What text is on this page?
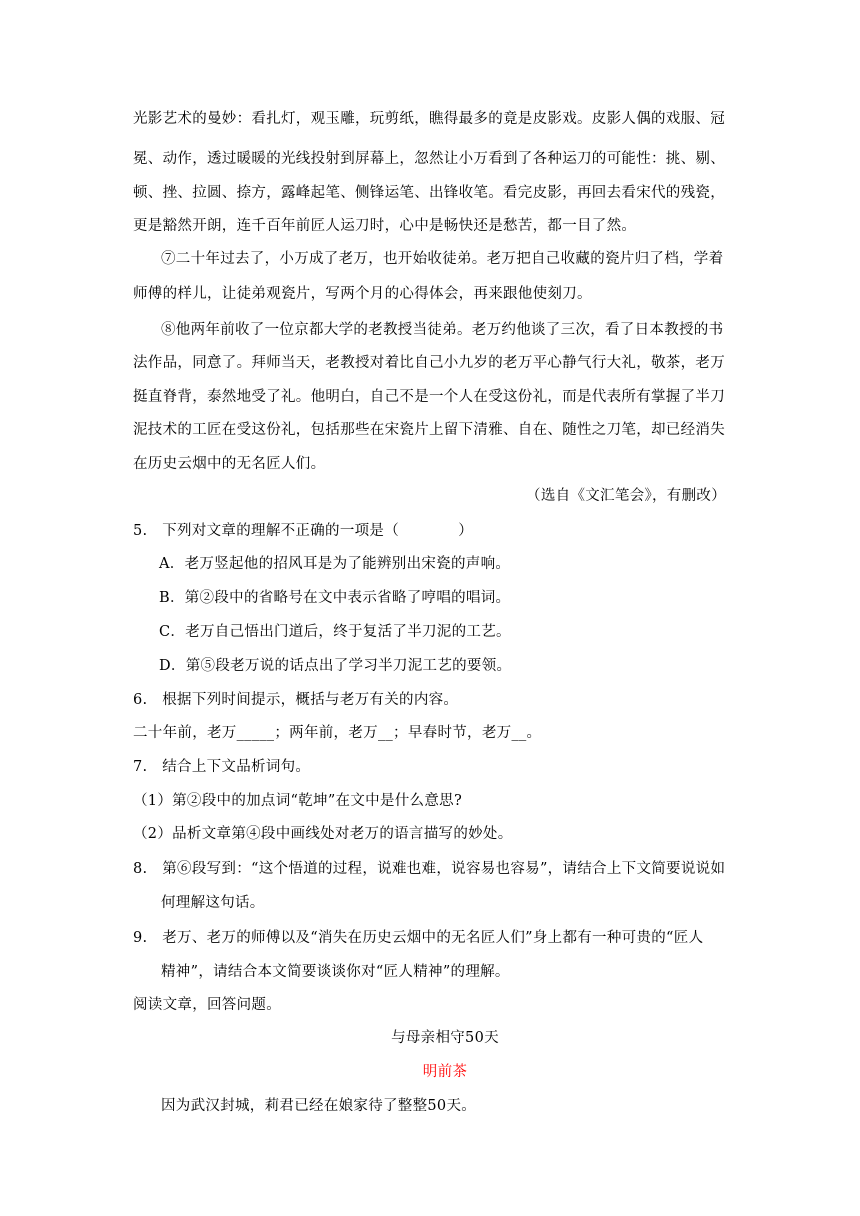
光影艺术的曼妙：看扎灯，观玉雕，玩剪纸，瞧得最多的竟是皮影戏。皮影人偶的戏服、冠
冕、动作，透过暖暖的光线投射到屏幕上，忽然让小万看到了各种运刀的可能性：挑、剔、
顿、挫、拉圆、捺方，露峰起笔、侧锋运笔、出锋收笔。看完皮影，再回去看宋代的残瓷，
更是豁然开朗，连千百年前匠人运刀时，心中是畅快还是愁苦，都一目了然。
⑦二十年过去了，小万成了老万，也开始收徒弟。老万把自己收藏的瓷片归了档，学着
师傅的样儿，让徒弟观瓷片，写两个月的心得体会，再来跟他使刻刀。
⑧他两年前收了一位京都大学的老教授当徒弟。老万约他谈了三次，看了日本教授的书
法作品，同意了。拜师当天，老教授对着比自己小九岁的老万平心静气行大礼，敬茶，老万
挺直脊背，泰然地受了礼。他明白，自己不是一个人在受这份礼，而是代表所有掌握了半刀
泥技术的工匠在受这份礼，包括那些在宋瓷片上留下清雅、自在、随性之刀笔，却已经消失
在历史云烟中的无名匠人们。
（选自《文汇笔会》，有删改）
5.　下列对文章的理解不正确的一项是（　　　　）
A．老万竖起他的招风耳是为了能辨别出宋瓷的声响。
B．第②段中的省略号在文中表示省略了哼唱的唱词。
C．老万自己悟出门道后，终于复活了半刀泥的工艺。
D．第⑤段老万说的话点出了学习半刀泥工艺的要领。
6.　根据下列时间提示，概括与老万有关的内容。
二十年前，老万_____；两年前，老万__；早春时节，老万__。
7.　结合上下文品析词句。
（1）第②段中的加点词“乾坤”在文中是什么意思?
（2）品析文章第④段中画线处对老万的语言描写的妙处。
8.　第⑥段写到：“这个悟道的过程，说难也难，说容易也容易”，请结合上下文简要说说如
何理解这句话。
9.　老万、老万的师傅以及“消失在历史云烟中的无名匠人们”身上都有一种可贵的“匠人
精神”，请结合本文简要谈谈你对“匠人精神”的理解。
阅读文章，回答问题。
与母亲相守50天
明前茶
因为武汉封城，莉君已经在娘家待了整整50天。
